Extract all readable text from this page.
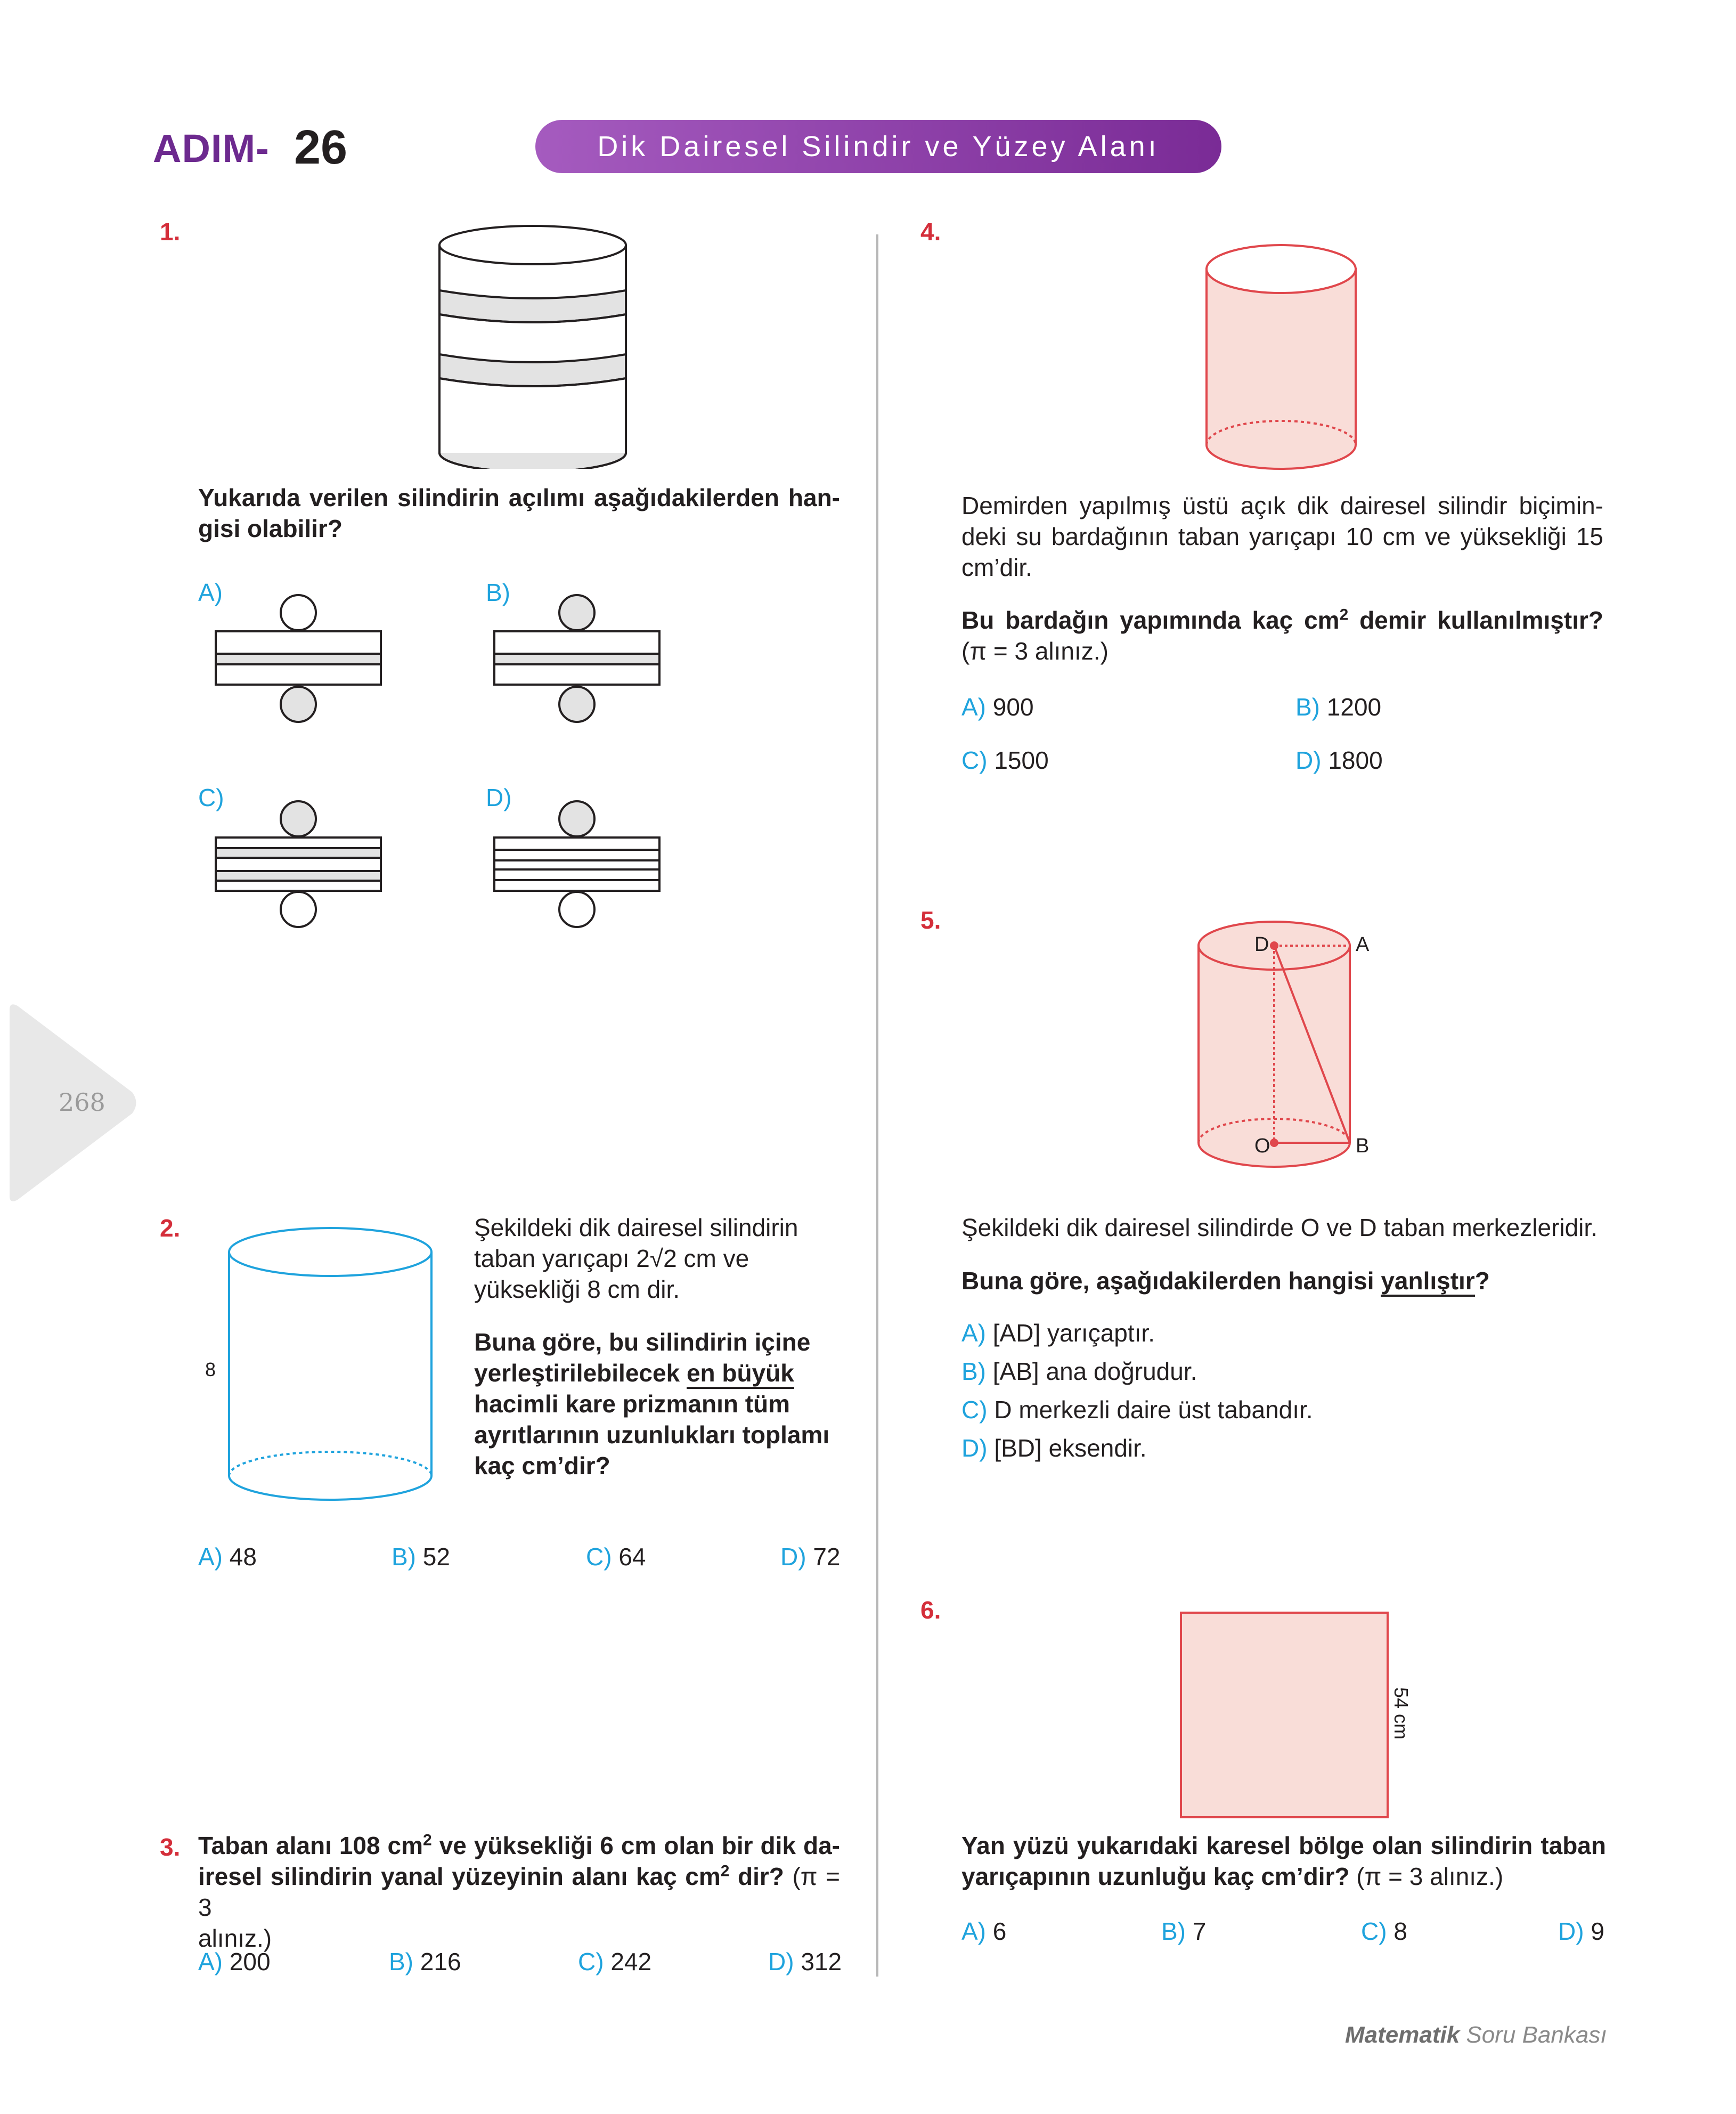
ADIM- 26	Dik Dairesel Silindir ve Yüzey Alanı
268
1.
Yukarıda verilen silindirin açılımı aşağıdakilerden han-
gisi olabilir?
A)	B)
C)	D)
2.
8
Şekildeki dik dairesel silindirin
taban yarıçapı 2√2 cm ve
yüksekliği 8 cm dir.
Buna göre, bu silindirin içine
yerleştirilebilecek en büyük
hacimli kare prizmanın tüm
ayrıtlarının uzunlukları toplamı
kaç cm’dir?
A) 48	B) 52	C) 64	D) 72
3. Taban alanı 108 $cm^2$ ve yüksekliği 6 cm olan bir dik da-
iresel silindirin yanal yüzeyinin alanı kaç $cm^2$ dir? (π = 3
alınız.)
A) 200	B) 216	C) 242	D) 312
4.
Demirden yapılmış üstü açık dik dairesel silindir biçimin-
deki su bardağının taban yarıçapı 10 cm ve yüksekliği 15
cm’dir.
Bu bardağın yapımında kaç $cm^2$ demir kullanılmıştır?
(π = 3 alınız.)
A) 900	B) 1200
C) 1500	D) 1800
5.
D	A
O	B
Şekildeki dik dairesel silindirde O ve D taban merkezleridir.
Buna göre, aşağıdakilerden hangisi yanlıştır?
A) [AD] yarıçaptır.
B) [AB] ana doğrudur.
C) D merkezli daire üst tabandır.
D) [BD] eksendir.
6.
54 cm
Yan yüzü yukarıdaki karesel bölge olan silindirin taban
yarıçapının uzunluğu kaç cm’dir? (π = 3 alınız.)
A) 6	B) 7	C) 8	D) 9
Matematik Soru Bankası
